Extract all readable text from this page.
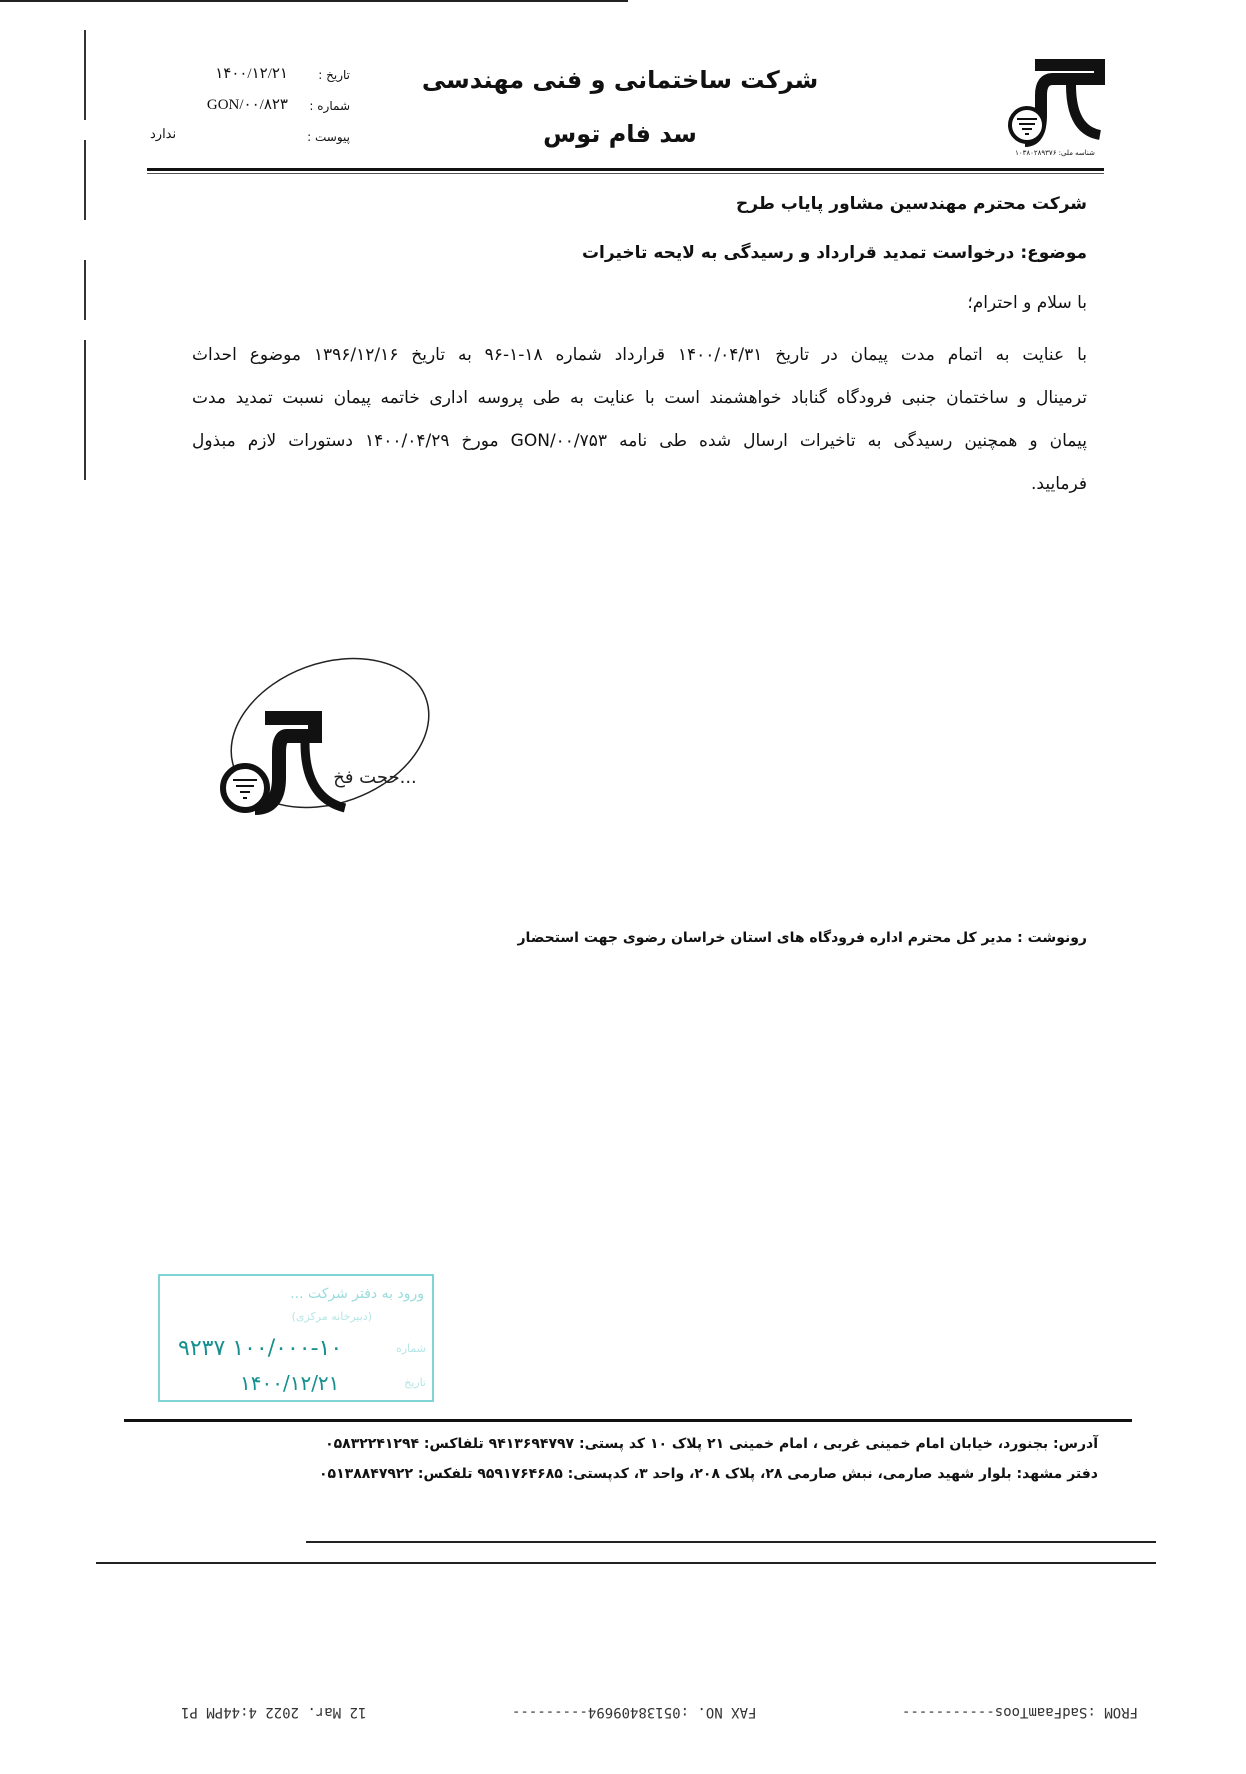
شناسه ملی: ۱۰۳۸۰۲۸۹۳۷۶
شرکت ساختمانی و فنی مهندسی
سد فام توس
تاریخ :
۱۴۰۰/۱۲/۲۱
شماره :
GON/۰۰/۸۲۳
پیوست :
ندارد
شرکت محترم مهندسین مشاور پایاب طرح
موضوع: درخواست تمدید قرارداد و رسیدگی به لایحه تاخیرات
با سلام و احترام؛
با عنایت به اتمام مدت پیمان در تاریخ ۱۴۰۰/۰۴/۳۱ قرارداد شماره ۱۸-۱-۹۶ به تاریخ ۱۳۹۶/۱۲/۱۶ موضوع احداث
ترمینال و ساختمان جنبی فرودگاه گناباد خواهشمند است با عنایت به طی پروسه اداری خاتمه پیمان نسبت تمدید مدت
پیمان و همچنین رسیدگی به تاخیرات ارسال شده طی نامه GON/۰۰/۷۵۳ مورخ ۱۴۰۰/۰۴/۲۹ دستورات لازم مبذول
فرمایید.
حجت فخ...
رونوشت : مدیر کل محترم اداره فرودگاه های استان خراسان رضوی جهت استحضار
ورود به دفتر شرکت ...
(دبیرخانه مرکزی)
شماره
۱۰۰/۰۰۰-۱۰ ۹۲۳۷
تاریخ
۱۴۰۰/۱۲/۲۱
آدرس: بجنورد، خیابان امام خمینی غربی ، امام خمینی ۲۱ پلاک ۱۰ کد پستی: ۹۴۱۳۶۹۴۷۹۷ تلفاکس: ۰۵۸۳۲۲۴۱۲۹۴
دفتر مشهد: بلوار شهید صارمی، نبش صارمی ۲۸، پلاک ۲۰۸، واحد ۳، کدپستی: ۹۵۹۱۷۶۴۶۸۵ تلفکس: ۰۵۱۳۸۸۴۷۹۲۲
FROM :SadFaamToos-----------
FAX NO. :05138409694---------
12 Mar. 2022 4:44PM P1
